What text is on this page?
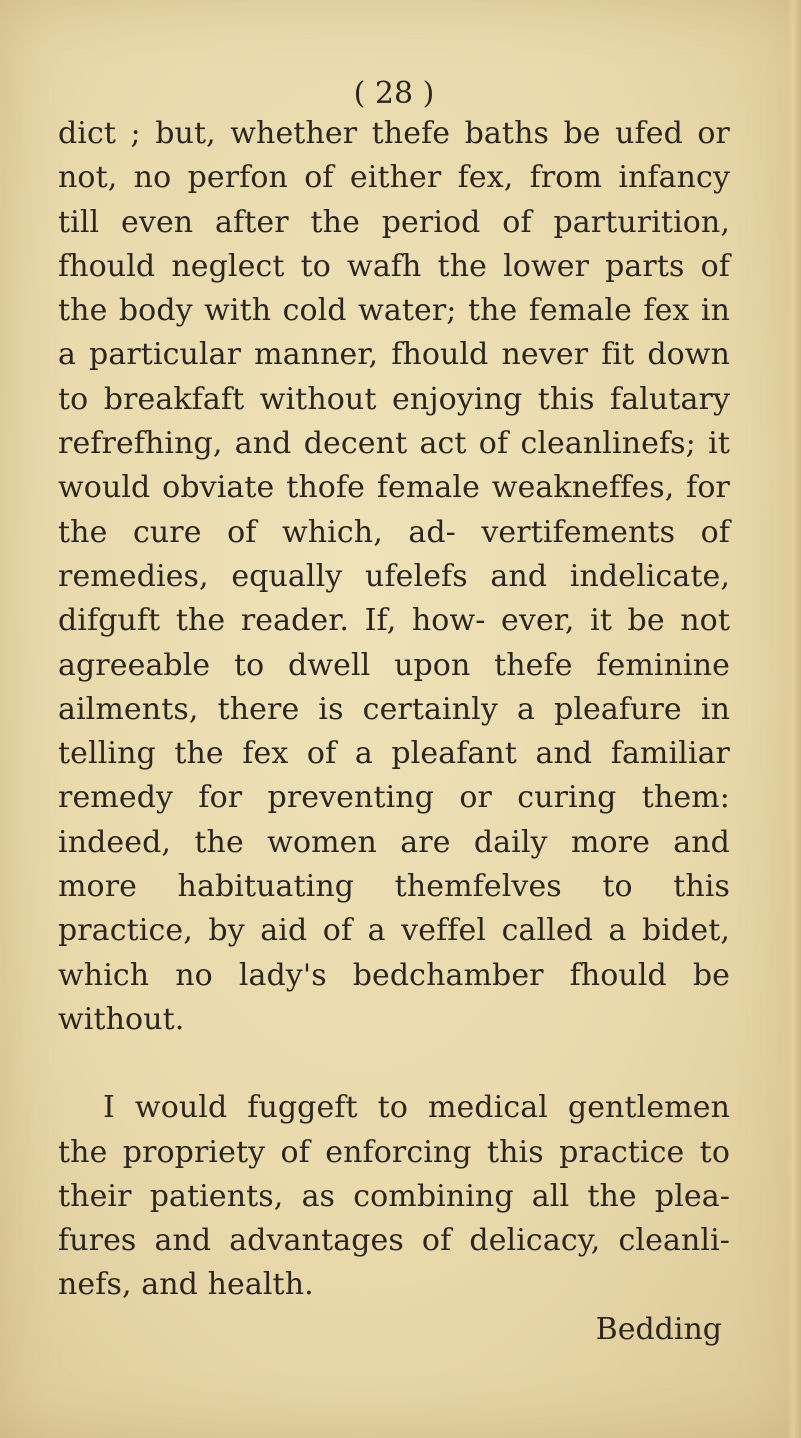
( 28 )

dict ; but, whether thefe baths be ufed or not, no perfon of either fex, from infancy till even after the period of parturition, fhould neglect to wafh the lower parts of the body with cold water; the female fex in a particular manner, fhould never fit down to breakfaft without enjoying this falutary refrefhing, and decent act of cleanlinefs; it would obviate thofe female weakneffes, for the cure of which, ad- vertifements of remedies, equally ufelefs and indelicate, difguft the reader. If, how- ever, it be not agreeable to dwell upon thefe feminine ailments, there is certainly a pleafure in telling the fex of a pleafant and familiar remedy for preventing or curing them: indeed, the women are daily more and more habituating themfelves to this practice, by aid of a veffel called a bidet, which no lady's bedchamber fhould be without.

I would fuggeft to medical gentlemen the propriety of enforcing this practice to their patients, as combining all the plea- fures and advantages of delicacy, cleanli- nefs, and health.

Bedding
